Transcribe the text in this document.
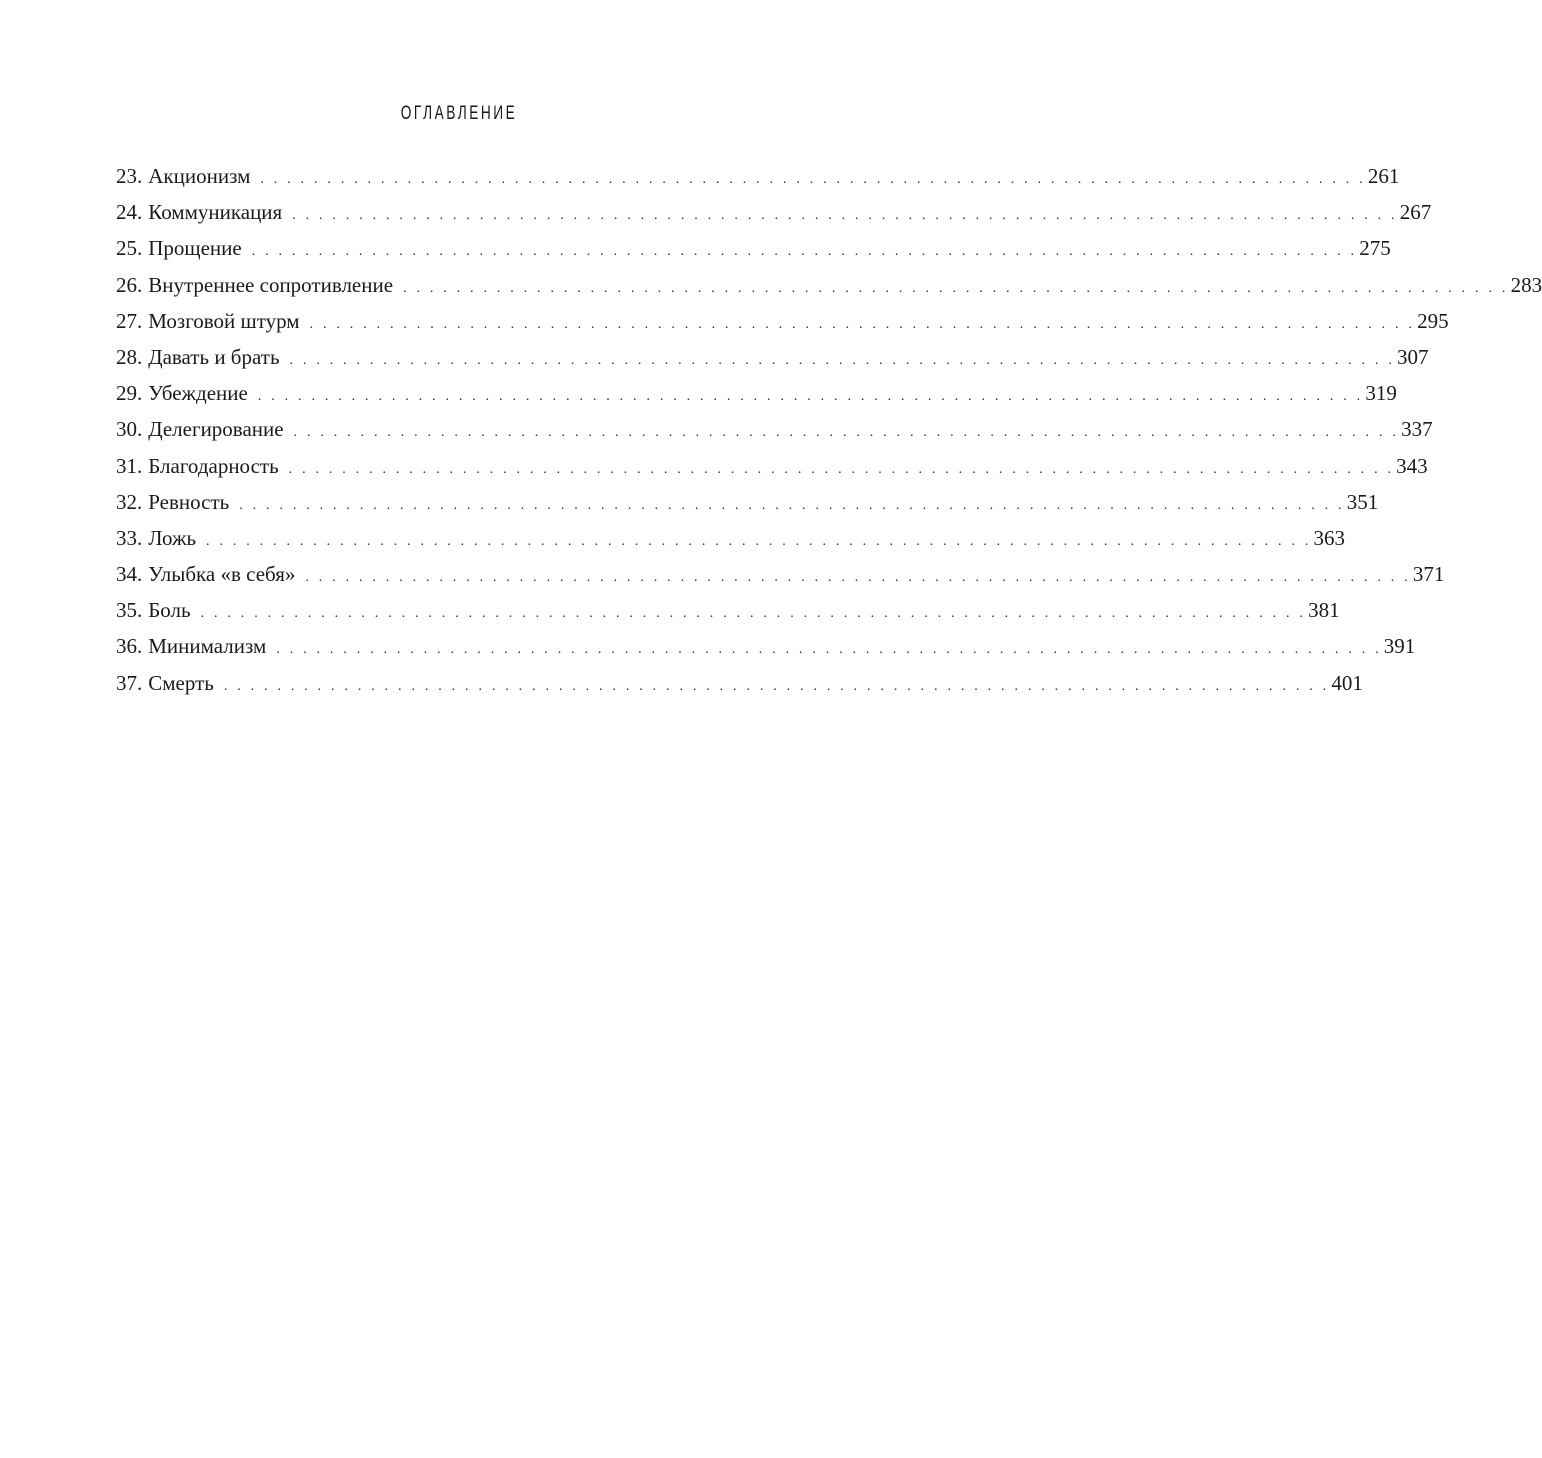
ОГЛАВЛЕНИЕ
23. Акционизм . . . . . . . . . . . . . . . . . . . . . . . . . . . . . . . . . . . . . . . . . . . . . . . . . . . . . . . . . . . . . . . . . . . . . . . . . . . . . . . . . . . 261
24. Коммуникация . . . . . . . . . . . . . . . . . . . . . . . . . . . . . . . . . . . . . . . . . . . . . . . . . . . . . . . . . . . . . . . . . . . . . . . . . . . . . . . . . . . 267
25. Прощение . . . . . . . . . . . . . . . . . . . . . . . . . . . . . . . . . . . . . . . . . . . . . . . . . . . . . . . . . . . . . . . . . . . . . . . . . . . . . . . . . . . 275
26. Внутреннее сопротивление . . . . . . . . . . . . . . . . . . . . . . . . . . . . . . . . . . . . . . . . . . . . . . . . . . . . . . . . . . . . . . . . . . . . . . . . . . . . . . . . . . . 283
27. Мозговой штурм . . . . . . . . . . . . . . . . . . . . . . . . . . . . . . . . . . . . . . . . . . . . . . . . . . . . . . . . . . . . . . . . . . . . . . . . . . . . . . . . . . . 295
28. Давать и брать . . . . . . . . . . . . . . . . . . . . . . . . . . . . . . . . . . . . . . . . . . . . . . . . . . . . . . . . . . . . . . . . . . . . . . . . . . . . . . . . . . . 307
29. Убеждение . . . . . . . . . . . . . . . . . . . . . . . . . . . . . . . . . . . . . . . . . . . . . . . . . . . . . . . . . . . . . . . . . . . . . . . . . . . . . . . . . . . 319
30. Делегирование . . . . . . . . . . . . . . . . . . . . . . . . . . . . . . . . . . . . . . . . . . . . . . . . . . . . . . . . . . . . . . . . . . . . . . . . . . . . . . . . . . . 337
31. Благодарность . . . . . . . . . . . . . . . . . . . . . . . . . . . . . . . . . . . . . . . . . . . . . . . . . . . . . . . . . . . . . . . . . . . . . . . . . . . . . . . . . . . 343
32. Ревность . . . . . . . . . . . . . . . . . . . . . . . . . . . . . . . . . . . . . . . . . . . . . . . . . . . . . . . . . . . . . . . . . . . . . . . . . . . . . . . . . . . 351
33. Ложь . . . . . . . . . . . . . . . . . . . . . . . . . . . . . . . . . . . . . . . . . . . . . . . . . . . . . . . . . . . . . . . . . . . . . . . . . . . . . . . . . . . 363
34. Улыбка «в себя» . . . . . . . . . . . . . . . . . . . . . . . . . . . . . . . . . . . . . . . . . . . . . . . . . . . . . . . . . . . . . . . . . . . . . . . . . . . . . . . . . . . 371
35. Боль . . . . . . . . . . . . . . . . . . . . . . . . . . . . . . . . . . . . . . . . . . . . . . . . . . . . . . . . . . . . . . . . . . . . . . . . . . . . . . . . . . . 381
36. Минимализм . . . . . . . . . . . . . . . . . . . . . . . . . . . . . . . . . . . . . . . . . . . . . . . . . . . . . . . . . . . . . . . . . . . . . . . . . . . . . . . . . . . 391
37. Смерть . . . . . . . . . . . . . . . . . . . . . . . . . . . . . . . . . . . . . . . . . . . . . . . . . . . . . . . . . . . . . . . . . . . . . . . . . . . . . . . . . . . 401
